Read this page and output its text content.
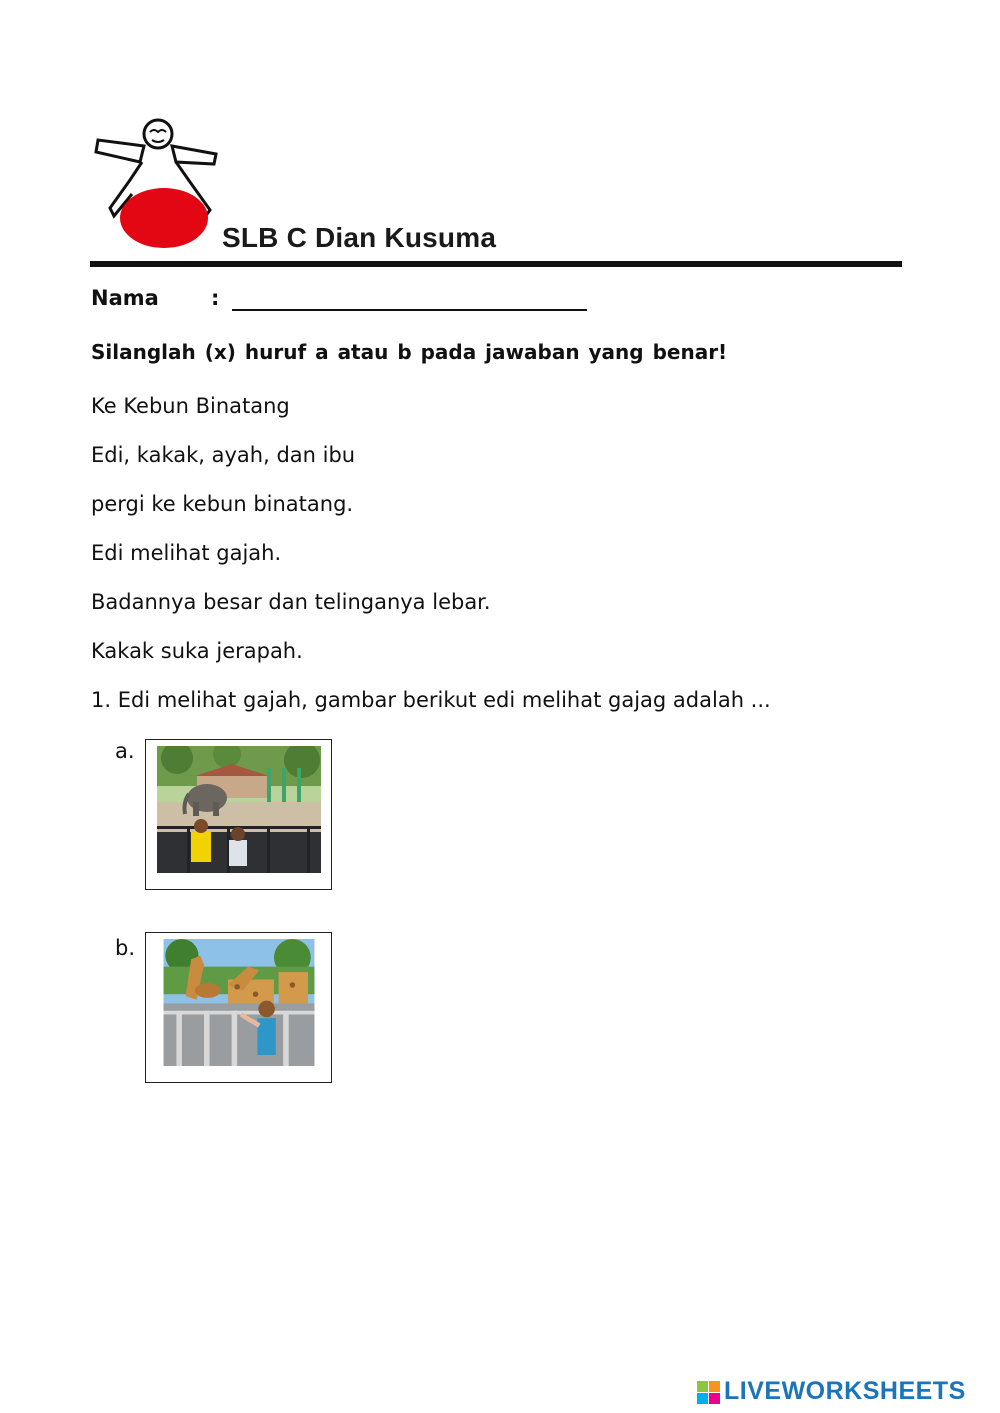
SLB C Dian Kusuma
Nama :
Silanglah (x) huruf a atau b pada jawaban yang benar!
Ke Kebun Binatang
Edi, kakak, ayah, dan ibu
pergi ke kebun binatang.
Edi melihat gajah.
Badannya besar dan telinganya lebar.
Kakak suka jerapah.
1. Edi melihat gajah, gambar berikut edi melihat gajag adalah ...
a.
b.
LIVEWORKSHEETS
